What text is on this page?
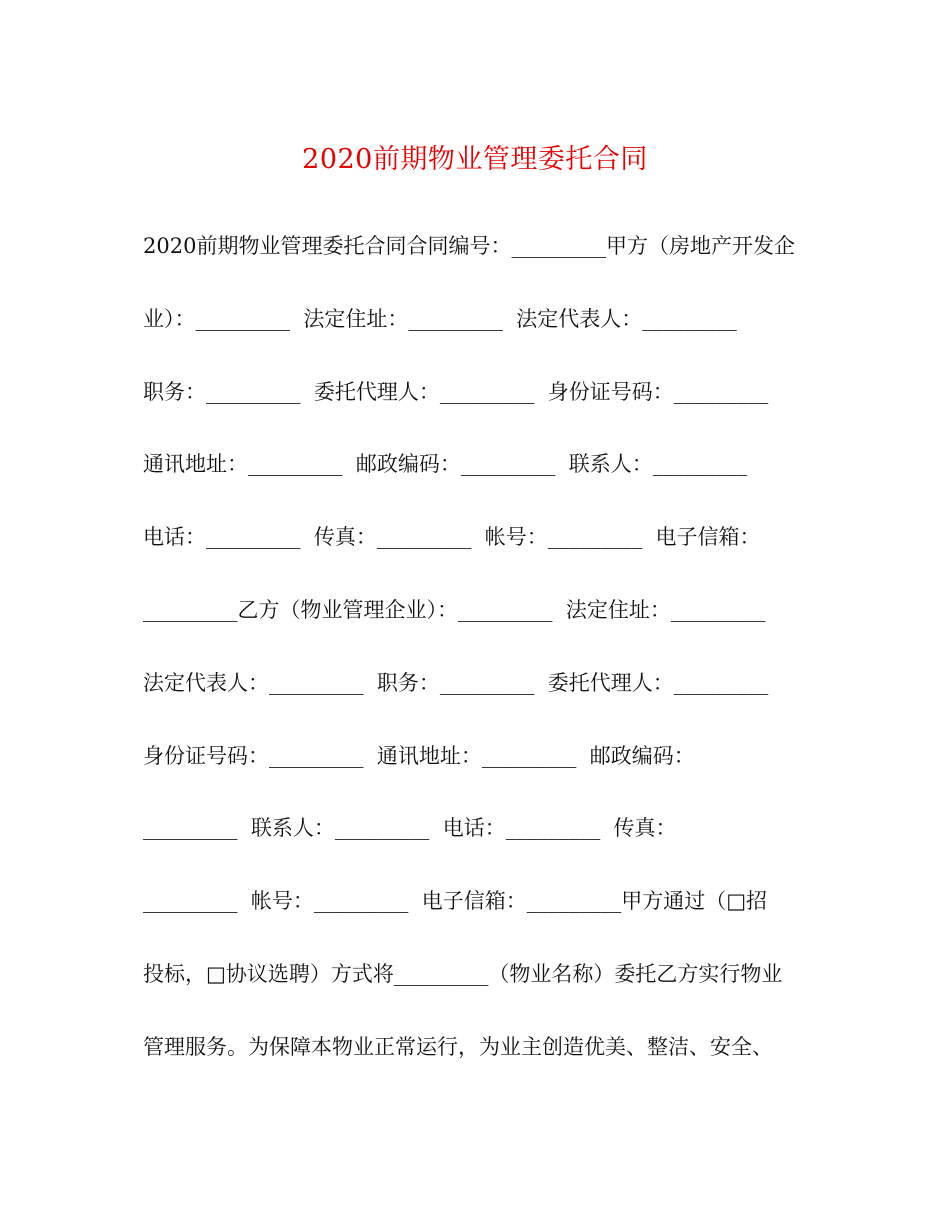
2020前期物业管理委托合同
2020前期物业管理委托合同合同编号：_________甲方（房地产开发企
业）：_________  法定住址：_________  法定代表人：_________
职务：_________  委托代理人：_________  身份证号码：_________
通讯地址：_________  邮政编码：_________  联系人：_________
电话：_________  传真：_________  帐号：_________  电子信箱：
_________乙方（物业管理企业）：_________  法定住址：_________
法定代表人：_________  职务：_________  委托代理人：_________
身份证号码：_________  通讯地址：_________  邮政编码：
_________  联系人：_________  电话：_________  传真：
_________  帐号：_________  电子信箱：_________甲方通过（□招
投标，□协议选聘）方式将_________（物业名称）委托乙方实行物业
管理服务。为保障本物业正常运行，为业主创造优美、整洁、安全、
